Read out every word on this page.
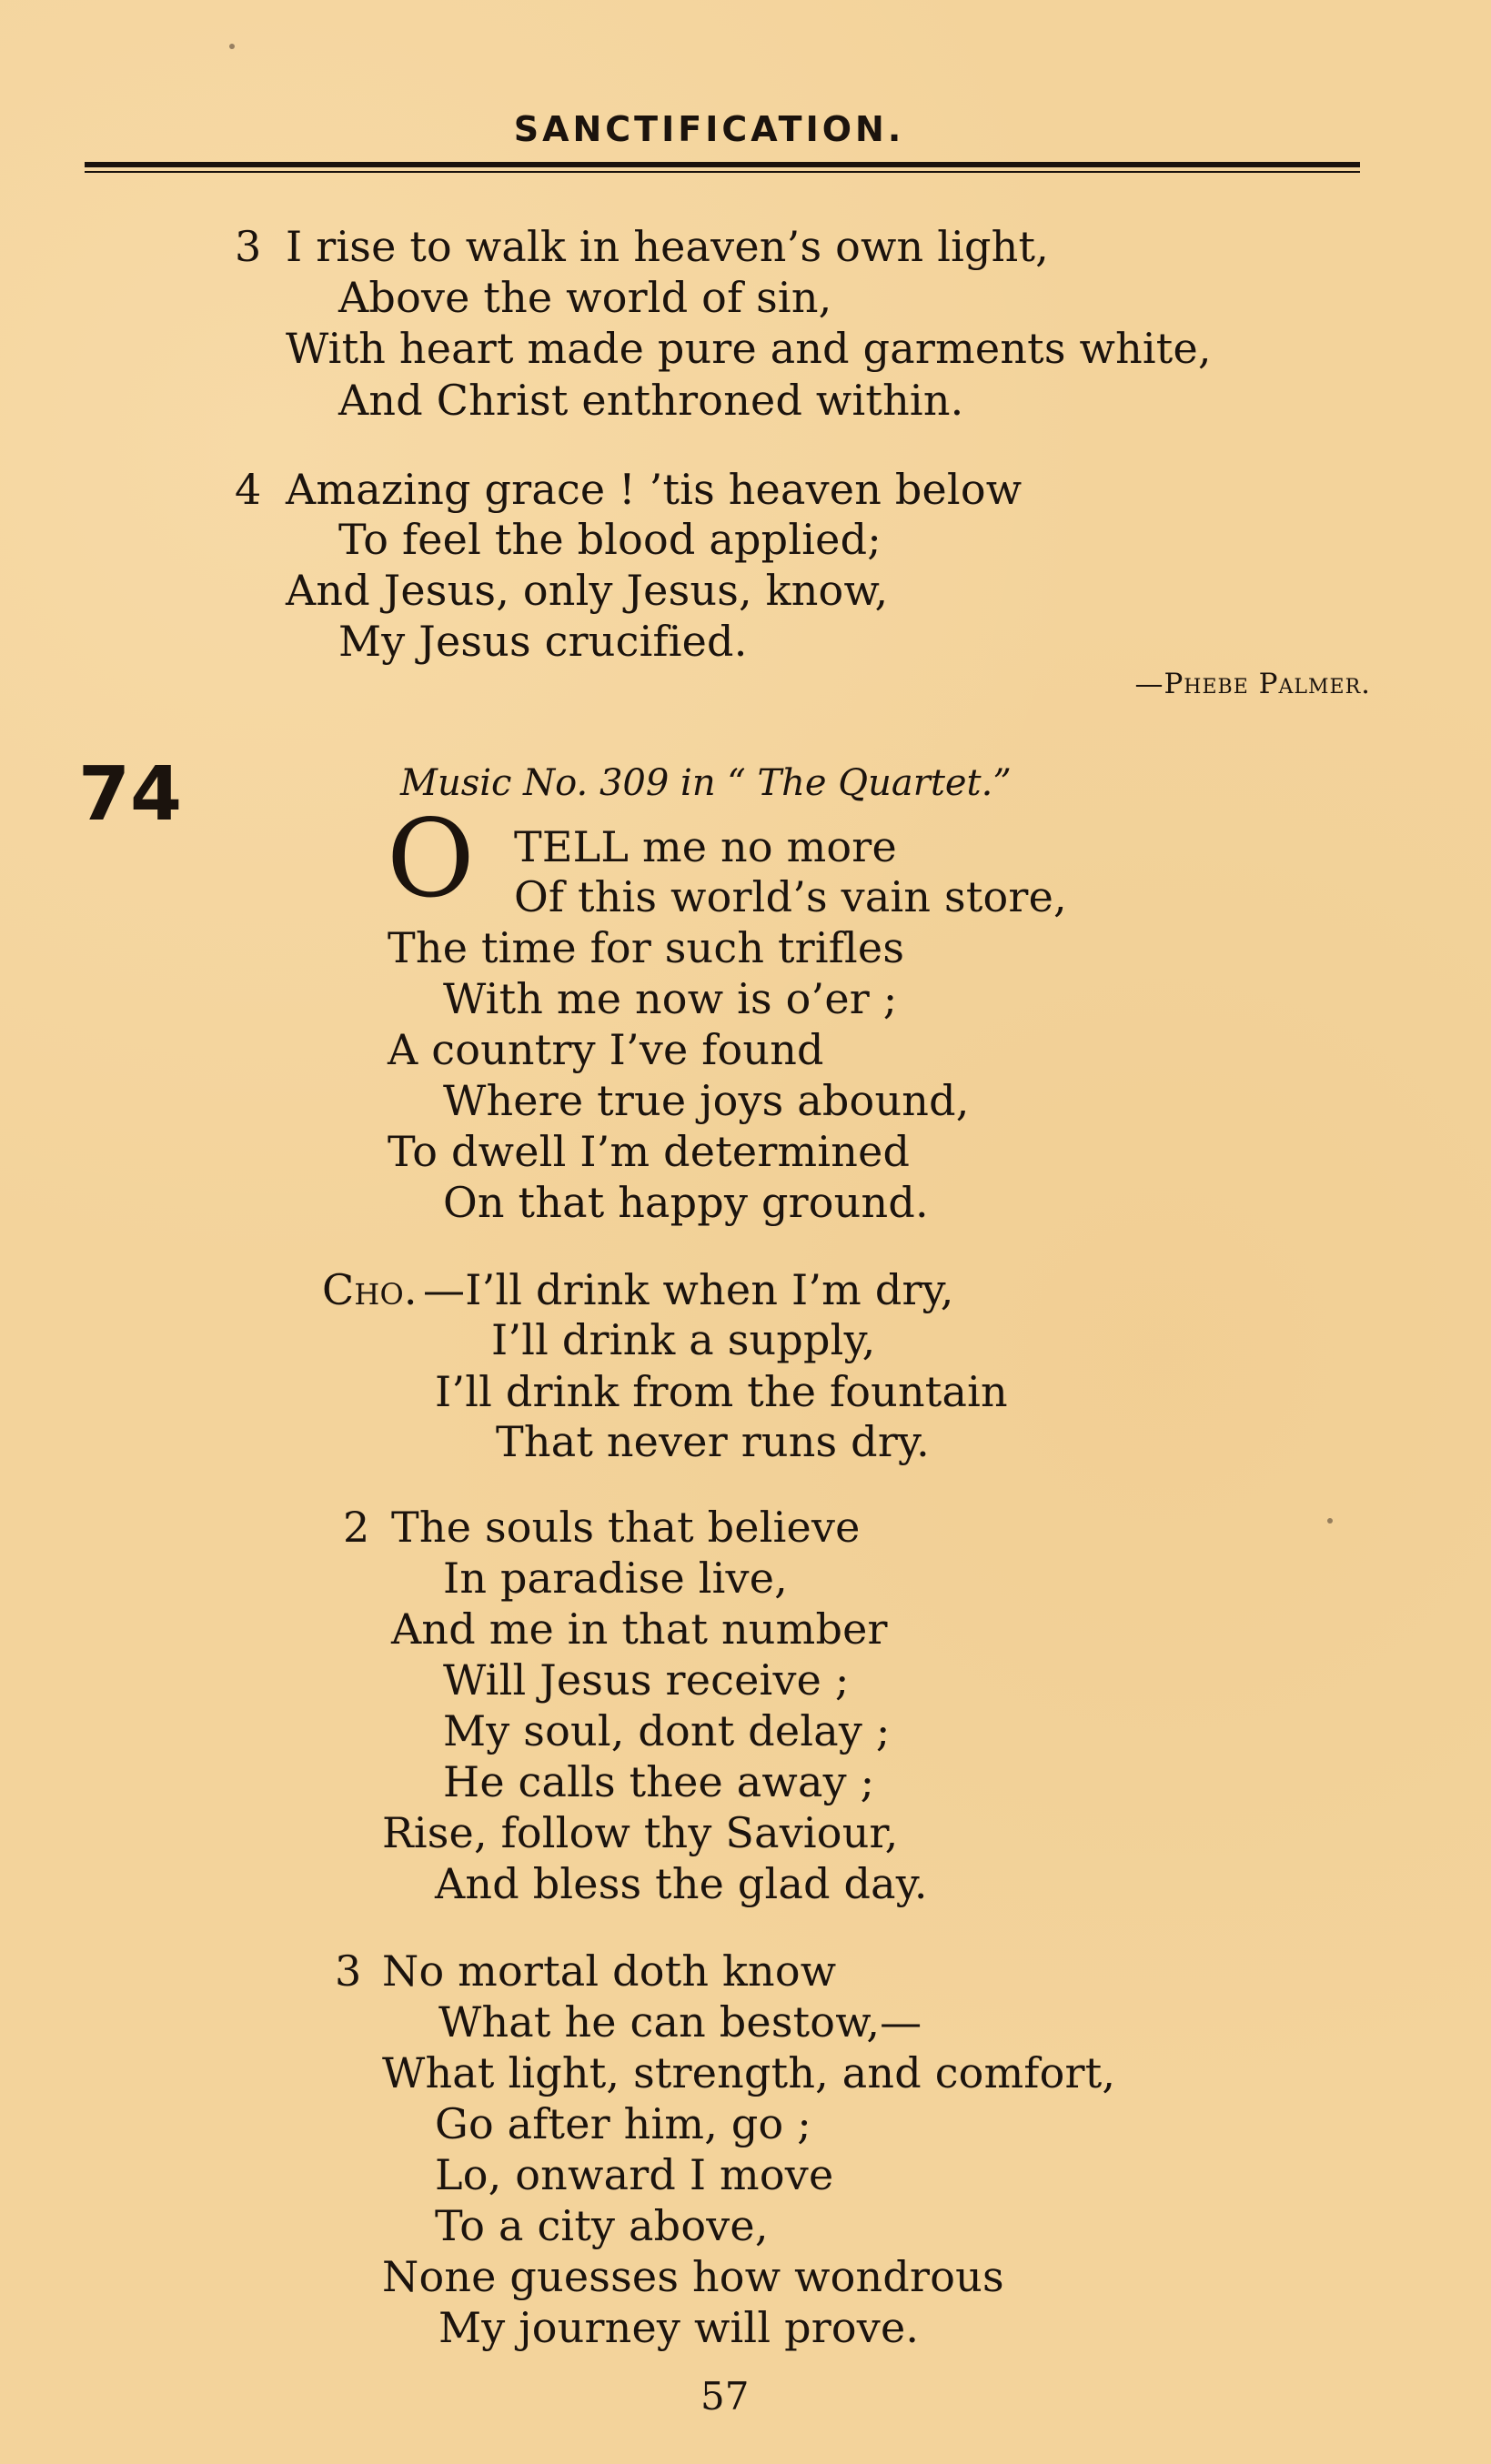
SANCTIFICATION.
3 I rise to walk in heaven’s own light,
Above the world of sin,
With heart made pure and garments white,
And Christ enthroned within.
4 Amazing grace ! ’tis heaven below
To feel the blood applied;
And Jesus, only Jesus, know,
My Jesus crucified.
—Phebe Palmer.
74	Music No. 309 in “ The Quartet.”
O TELL me no more
Of this world’s vain store,
The time for such trifles
With me now is o’er ;
A country I’ve found
Where true joys abound,
To dwell I’m determined
On that happy ground.
Cho. —I’ll drink when I’m dry,
I’ll drink a supply,
I’ll drink from the fountain
That never runs dry.
2 The souls that believe
In paradise live,
And me in that number
Will Jesus receive ;
My soul, dont delay ;
He calls thee away ;
Rise, follow thy Saviour,
And bless the glad day.
3 No mortal doth know
What he can bestow,—
What light, strength, and comfort,
Go after him, go ;
Lo, onward I move
To a city above,
None guesses how wondrous
My journey will prove.
57
